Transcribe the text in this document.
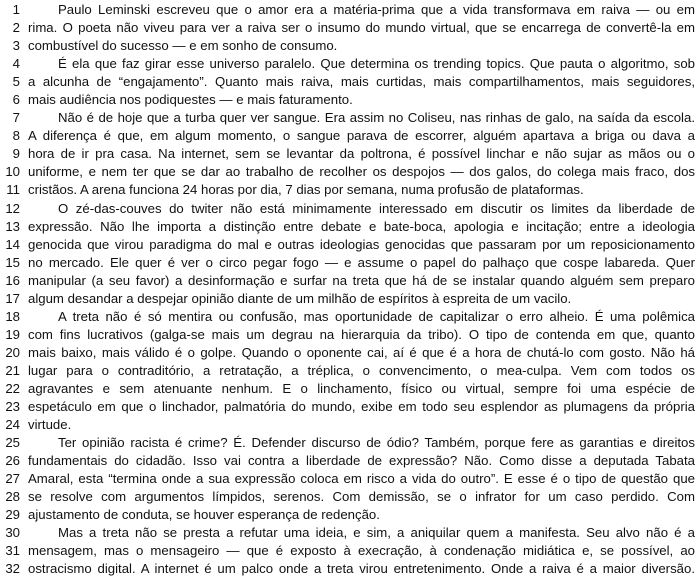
1	Paulo Leminski escreveu que o amor era a matéria-prima que a vida transformava em raiva — ou em
2 rima. O poeta não viveu para ver a raiva ser o insumo do mundo virtual, que se encarrega de convertê-la em
3 combustível do sucesso — e em sonho de consumo.
4	É ela que faz girar esse universo paralelo. Que determina os trending topics. Que pauta o algoritmo, sob
5 a alcunha de “engajamento”. Quanto mais raiva, mais curtidas, mais compartilhamentos, mais seguidores,
6 mais audiência nos podiquestes — e mais faturamento.
7	Não é de hoje que a turba quer ver sangue. Era assim no Coliseu, nas rinhas de galo, na saída da escola.
8 A diferença é que, em algum momento, o sangue parava de escorrer, alguém apartava a briga ou dava a
9 hora de ir pra casa. Na internet, sem se levantar da poltrona, é possível linchar e não sujar as mãos ou o
10 uniforme, e nem ter que se dar ao trabalho de recolher os despojos — dos galos, do colega mais fraco, dos
11 cristãos. A arena funciona 24 horas por dia, 7 dias por semana, numa profusão de plataformas.
12	O zé-das-couves do twiter não está minimamente interessado em discutir os limites da liberdade de
13 expressão. Não lhe importa a distinção entre debate e bate-boca, apologia e incitação; entre a ideologia
14 genocida que virou paradigma do mal e outras ideologias genocidas que passaram por um reposicionamento
15 no mercado. Ele quer é ver o circo pegar fogo — e assume o papel do palhaço que cospe labareda. Quer
16 manipular (a seu favor) a desinformação e surfar na treta que há de se instalar quando alguém sem preparo
17 algum desandar a despejar opinião diante de um milhão de espíritos à espreita de um vacilo.
18	A treta não é só mentira ou confusão, mas oportunidade de capitalizar o erro alheio. É uma polêmica
19 com fins lucrativos (galga-se mais um degrau na hierarquia da tribo). O tipo de contenda em que, quanto
20 mais baixo, mais válido é o golpe. Quando o oponente cai, aí é que é a hora de chutá-lo com gosto. Não há
21 lugar para o contraditório, a retratação, a tréplica, o convencimento, o mea-culpa. Vem com todos os
22 agravantes e sem atenuante nenhum. E o linchamento, físico ou virtual, sempre foi uma espécie de
23 espetáculo em que o linchador, palmatória do mundo, exibe em todo seu esplendor as plumagens da própria
24 virtude.
25	Ter opinião racista é crime? É. Defender discurso de ódio? Também, porque fere as garantias e direitos
26 fundamentais do cidadão. Isso vai contra a liberdade de expressão? Não. Como disse a deputada Tabata
27 Amaral, esta “termina onde a sua expressão coloca em risco a vida do outro”. E esse é o tipo de questão que
28 se resolve com argumentos límpidos, serenos. Com demissão, se o infrator for um caso perdido. Com
29 ajustamento de conduta, se houver esperança de redenção.
30	Mas a treta não se presta a refutar uma ideia, e sim, a aniquilar quem a manifesta. Seu alvo não é a
31 mensagem, mas o mensageiro — que é exposto à execração, à condenação midiática e, se possível, ao
32 ostracismo digital. A internet é um palco onde a treta virou entretenimento. Onde a raiva é a maior diversão.
